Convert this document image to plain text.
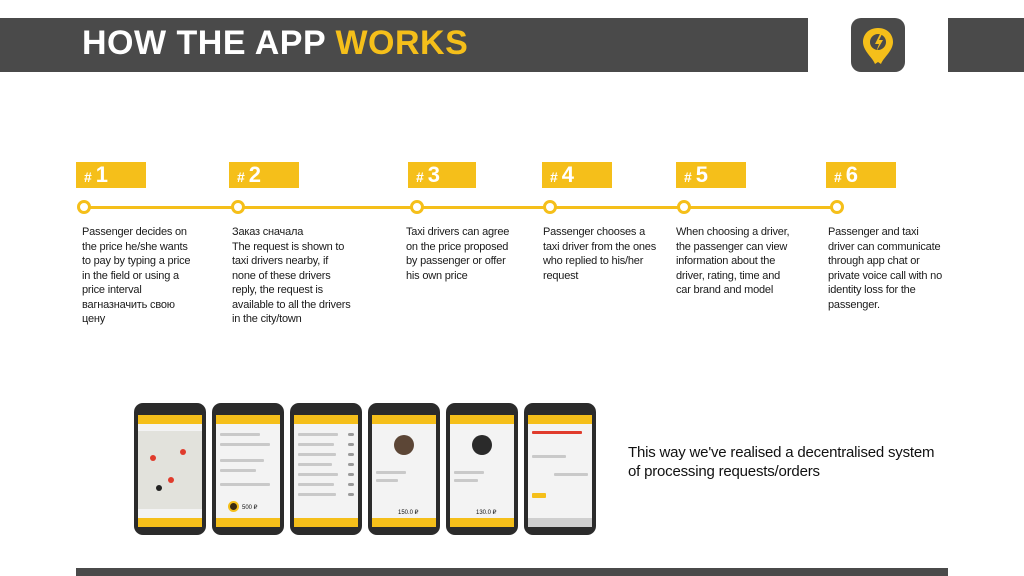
HOW THE APP WORKS
# 1	# 2	# 3	# 4	# 5	# 6
Passenger decides on
the price he/she wants
to pay by typing a price
in the field or using a
price interval
вагназначить свою
цену
Заказ сначала
The request is shown to
taxi drivers nearby, if
none of these drivers
reply, the request is
available to all the drivers
in the city/town
Taxi drivers can agree
on the price proposed
by passenger or offer
his own price
Passenger chooses a
taxi driver from the ones
who replied to his/her
request
When choosing a driver,
the passenger can view
information about the
driver, rating, time and
car brand and model
Passenger and taxi
driver can communicate
through app chat or
private voice call with no
identity loss for the
passenger.
500 ₽
150.0 ₽	130.0 ₽
This way we've realised a decentralised system
of processing requests/orders
